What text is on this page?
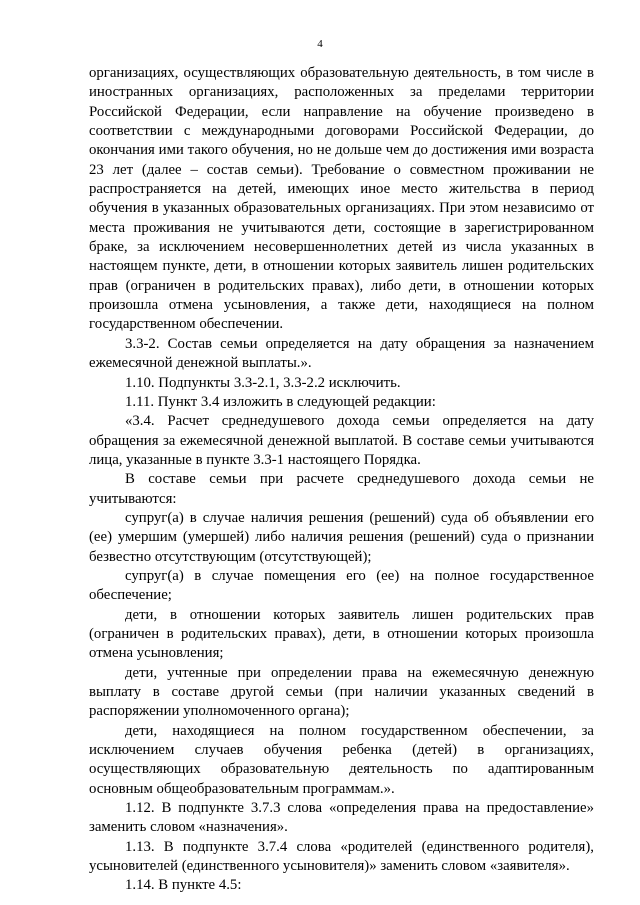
4

организациях, осуществляющих образовательную деятельность, в том числе в иностранных организациях, расположенных за пределами территории Российской Федерации, если направление на обучение произведено в соответствии с международными договорами Российской Федерации, до окончания ими такого обучения, но не дольше чем до достижения ими возраста 23 лет (далее – состав семьи). Требование о совместном проживании не распространяется на детей, имеющих иное место жительства в период обучения в указанных образовательных организациях. При этом независимо от места проживания не учитываются дети, состоящие в зарегистрированном браке, за исключением несовершеннолетних детей из числа указанных в настоящем пункте, дети, в отношении которых заявитель лишен родительских прав (ограничен в родительских правах), либо дети, в отношении которых произошла отмена усыновления, а также дети, находящиеся на полном государственном обеспечении.

3.3-2. Состав семьи определяется на дату обращения за назначением ежемесячной денежной выплаты.».

1.10. Подпункты 3.3-2.1, 3.3-2.2 исключить.

1.11. Пункт 3.4 изложить в следующей редакции:

«3.4. Расчет среднедушевого дохода семьи определяется на дату обращения за ежемесячной денежной выплатой. В составе семьи учитываются лица, указанные в пункте 3.3-1 настоящего Порядка.

В составе семьи при расчете среднедушевого дохода семьи не учитываются:

супруг(а) в случае наличия решения (решений) суда об объявлении его (ее) умершим (умершей) либо наличия решения (решений) суда о признании безвестно отсутствующим (отсутствующей);

супруг(а) в случае помещения его (ее) на полное государственное обеспечение;

дети, в отношении которых заявитель лишен родительских прав (ограничен в родительских правах), дети, в отношении которых произошла отмена усыновления;

дети, учтенные при определении права на ежемесячную денежную выплату в составе другой семьи (при наличии указанных сведений в распоряжении уполномоченного органа);

дети, находящиеся на полном государственном обеспечении, за исключением случаев обучения ребенка (детей) в организациях, осуществляющих образовательную деятельность по адаптированным основным общеобразовательным программам.».

1.12. В подпункте 3.7.3 слова «определения права на предоставление» заменить словом «назначения».

1.13. В подпункте 3.7.4 слова «родителей (единственного родителя), усыновителей (единственного усыновителя)» заменить словом «заявителя».

1.14. В пункте 4.5:
